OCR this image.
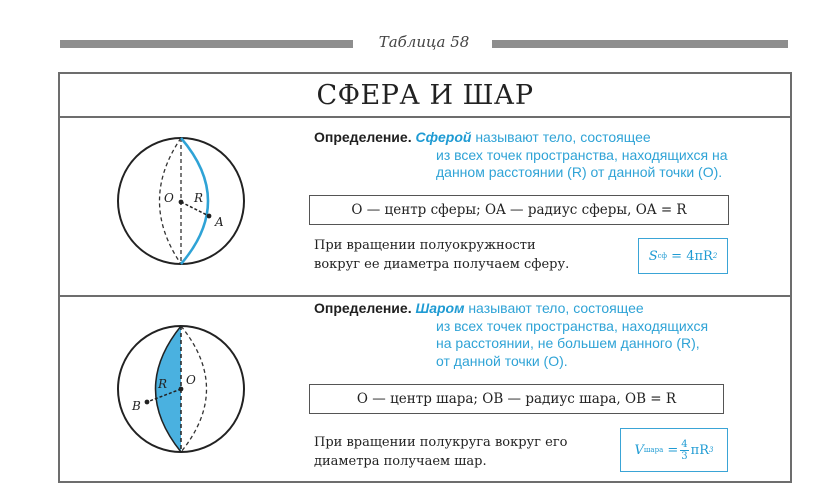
Таблица 58
СФЕРА И ШАР
O R
A
Определение. Сферой называют тело, состоящее
из всех точек пространства, находящихся на
данном расстоянии (R) от данной точки (O).
O — центр сферы; OA — радиус сферы, OA = R
При вращении полуокружности
вокруг ее диаметра получаем сферу.
S сф
= 4πR 2
R O
B
Определение. Шаром называют тело, состоящее
из всех точек пространства, находящихся
на расстоянии, не большем данного (R),
от данной точки (O).
O — центр шара; OB — радиус шара, OB = R
При вращении полукруга вокруг его
диаметра получаем шар.
V шара
= $\frac{4}{3}$ πR 3
